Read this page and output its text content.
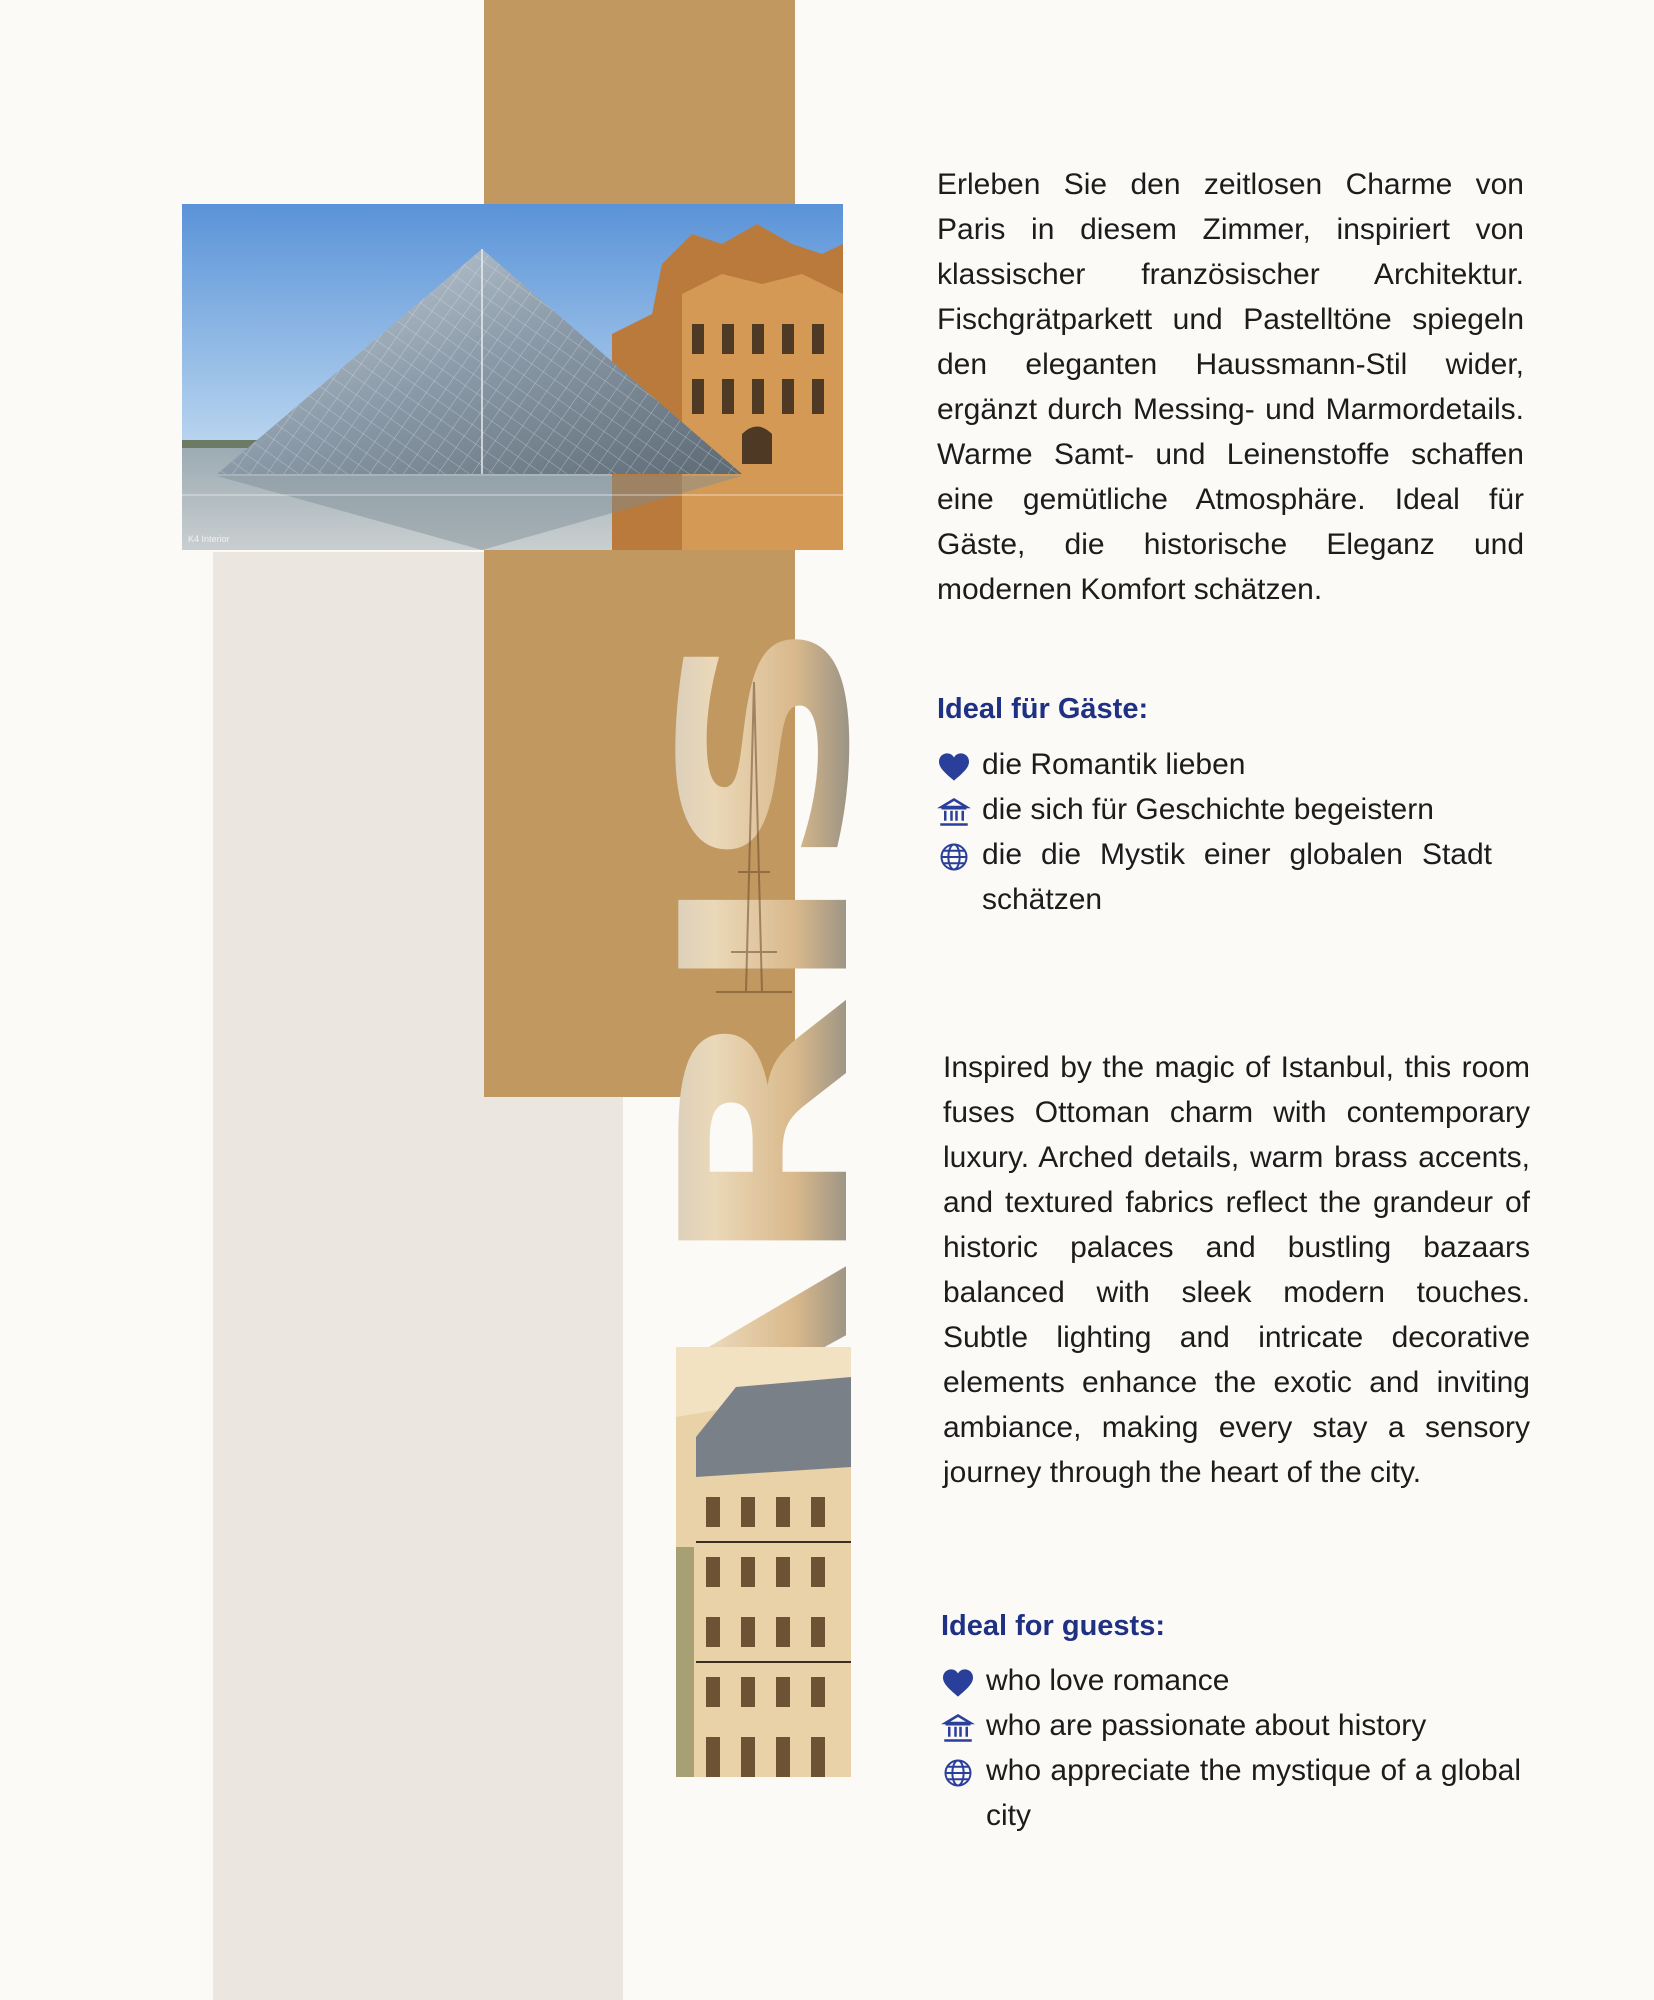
K4 Interior
Erleben Sie den zeitlosen Charme von Paris in diesem Zimmer, inspiriert von klassischer französischer Architektur. Fischgrätparkett und Pastelltöne spiegeln den eleganten Haussmann-Stil wider, ergänzt durch Messing- und Marmordetails. Warme Samt- und Leinenstoffe schaffen eine gemütliche Atmosphäre. Ideal für Gäste, die historische Eleganz und modernen Komfort schätzen.
Ideal für Gäste:
die Romantik lieben
die sich für Geschichte begeistern
die die Mystik einer globalen Stadt schätzen
Inspired by the magic of Istanbul, this room fuses Ottoman charm with contemporary luxury. Arched details, warm brass accents, and textured fabrics reflect the grandeur of historic palaces and bustling bazaars balanced with sleek modern touches. Subtle lighting and intricate decorative elements enhance the exotic and inviting ambiance, making every stay a sensory journey through the heart of the city.
Ideal for guests:
who love romance
who are passionate about history
who appreciate the mystique of a global city
